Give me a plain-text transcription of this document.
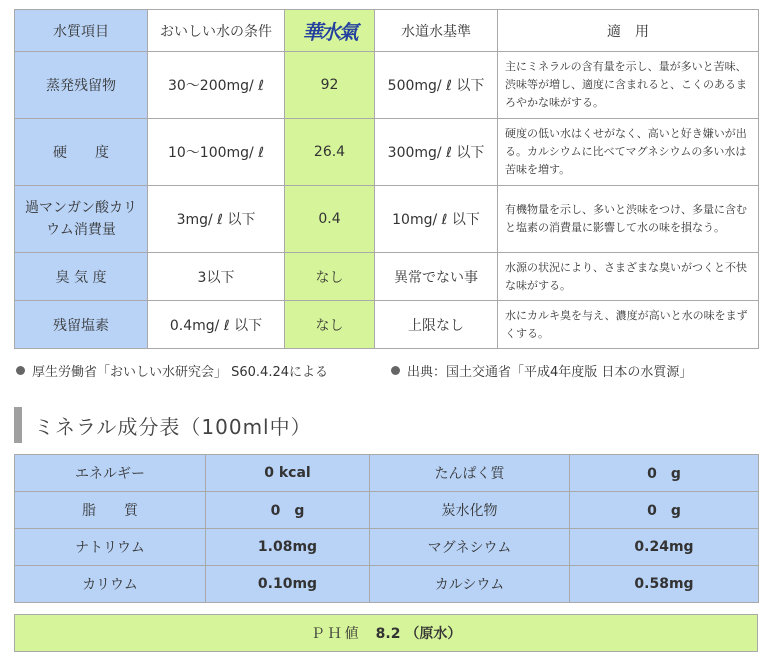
水質項目	おいしい水の条件	華水氣	水道水基準	適　用
蒸発残留物	30～200mg/ ℓ	92	500mg/ ℓ 以下	主にミネラルの含有量を示し、量が多いと苦味、渋味等が増し、適度に含まれると、こくのあるまろやかな味がする。
硬　　度	10～100mg/ ℓ	26.4	300mg/ ℓ 以下	硬度の低い水はくせがなく、高いと好き嫌いが出る。カルシウムに比べてマグネシウムの多い水は苦味を増す。
過マンガン酸カリウム消費量	3mg/ ℓ 以下	0.4	10mg/ ℓ 以下	有機物量を示し、多いと渋味をつけ、多量に含むと塩素の消費量に影響して水の味を損なう。
臭 気 度	3以下	なし	異常でない事	水源の状況により、さまざまな臭いがつくと不快な味がする。
残留塩素	0.4mg/ ℓ 以下	なし	上限なし	水にカルキ臭を与え、濃度が高いと水の味をまずくする。
厚生労働省「おいしい水研究会」 S60.4.24による	出典：国土交通省「平成4年度版 日本の水質源」
ミネラル成分表（100ml中）
エネルギー	0 kcal	たんぱく質	0　g
脂　　質	0　g	炭水化物	0　g
ナトリウム	1.08mg	マグネシウム	0.24mg
カリウム	0.10mg	カルシウム	0.58mg
ＰＨ値 8.2 （原水）
